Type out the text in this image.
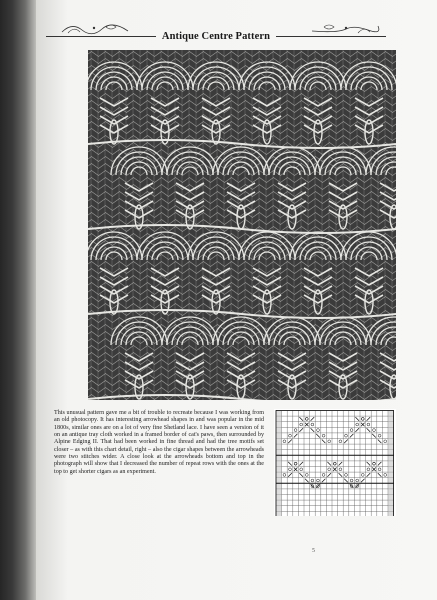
Antique Centre Pattern

This unusual pattern gave me a bit of trouble to recreate because I was working from an old photocopy. It has interesting arrowhead shapes in and was popular in the mid 1800s, similar ones are on a lot of very fine Shetland lace. I have seen a version of it on an antique tray cloth worked in a framed border of cat's paws, then surrounded by Alpine Edging II. That had been worked in fine thread and had the tree motifs set closer – as with this chart detail, right – also the cigar shapes between the arrowheads were two stitches wider. A close look at the arrowheads bottom and top in the photograph will show that I decreased the number of repeat rows with the ones at the top to get shorter cigars as an experiment.

5
